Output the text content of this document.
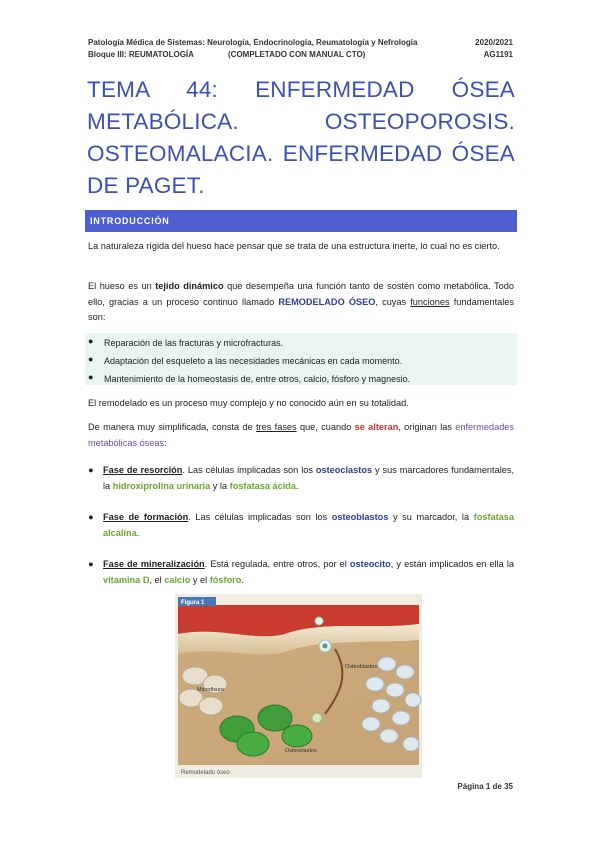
Patología Médica de Sistemas: Neurología, Endocrinología, Reumatología y Nefrología	2020/2021
Bloque III: REUMATOLOGÍA	(COMPLETADO CON MANUAL CTO)	AG1191
TEMA 44: ENFERMEDAD ÓSEA METABÓLICA. OSTEOPOROSIS. OSTEOMALACIA. ENFERMEDAD ÓSEA DE PAGET.
INTRODUCCIÓN

La naturaleza rígida del hueso hace pensar que se trata de una estructura inerte, lo cual no es cierto.

El hueso es un tejido dinámico que desempeña una función tanto de sostén como metabólica. Todo ello, gracias a un proceso continuo llamado REMODELADO ÓSEO, cuyas funciones fundamentales son:

● Reparación de las fracturas y microfracturas.
● Adaptación del esqueleto a las necesidades mecánicas en cada momento.
● Mantenimiento de la homeostasis de, entre otros, calcio, fósforo y magnesio.

El remodelado es un proceso muy complejo y no conocido aún en su totalidad.

De manera muy simplificada, consta de tres fases que, cuando se alteran, originan las enfermedades metabólicas óseas:

● Fase de resorción. Las células implicadas son los osteoclastos y sus marcadores fundamentales, la hidroxiprolina urinaria y la fosfatasa ácida.
● Fase de formación. Las células implicadas son los osteoblastos y su marcador, la fosfatasa alcalina.
● Fase de mineralización. Está regulada, entre otros, por el osteocito, y están implicados en ella la vitamina D, el calcio y el fósforo.
Figura 1
Osteoblastos
Microfisura
Osteoclastos
Remodelado óseo
Página 1 de 35
